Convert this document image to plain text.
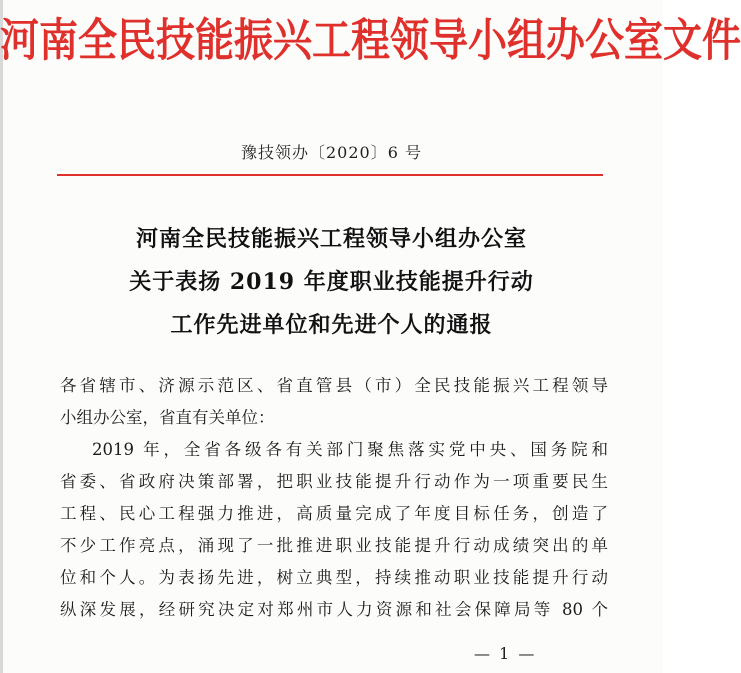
河南全民技能振兴工程领导小组办公室文件
豫技领办〔2020〕6 号
河南全民技能振兴工程领导小组办公室
关于表扬 2019 年度职业技能提升行动
工作先进单位和先进个人的通报
各省辖市、济源示范区、省直管县（市）全民技能振兴工程领导
小组办公室，省直有关单位：
2019 年，全省各级各有关部门聚焦落实党中央、国务院和
省委、省政府决策部署，把职业技能提升行动作为一项重要民生
工程、民心工程强力推进，高质量完成了年度目标任务，创造了
不少工作亮点，涌现了一批推进职业技能提升行动成绩突出的单
位和个人。为表扬先进，树立典型，持续推动职业技能提升行动
纵深发展，经研究决定对郑州市人力资源和社会保障局等 80 个
— 1 —
